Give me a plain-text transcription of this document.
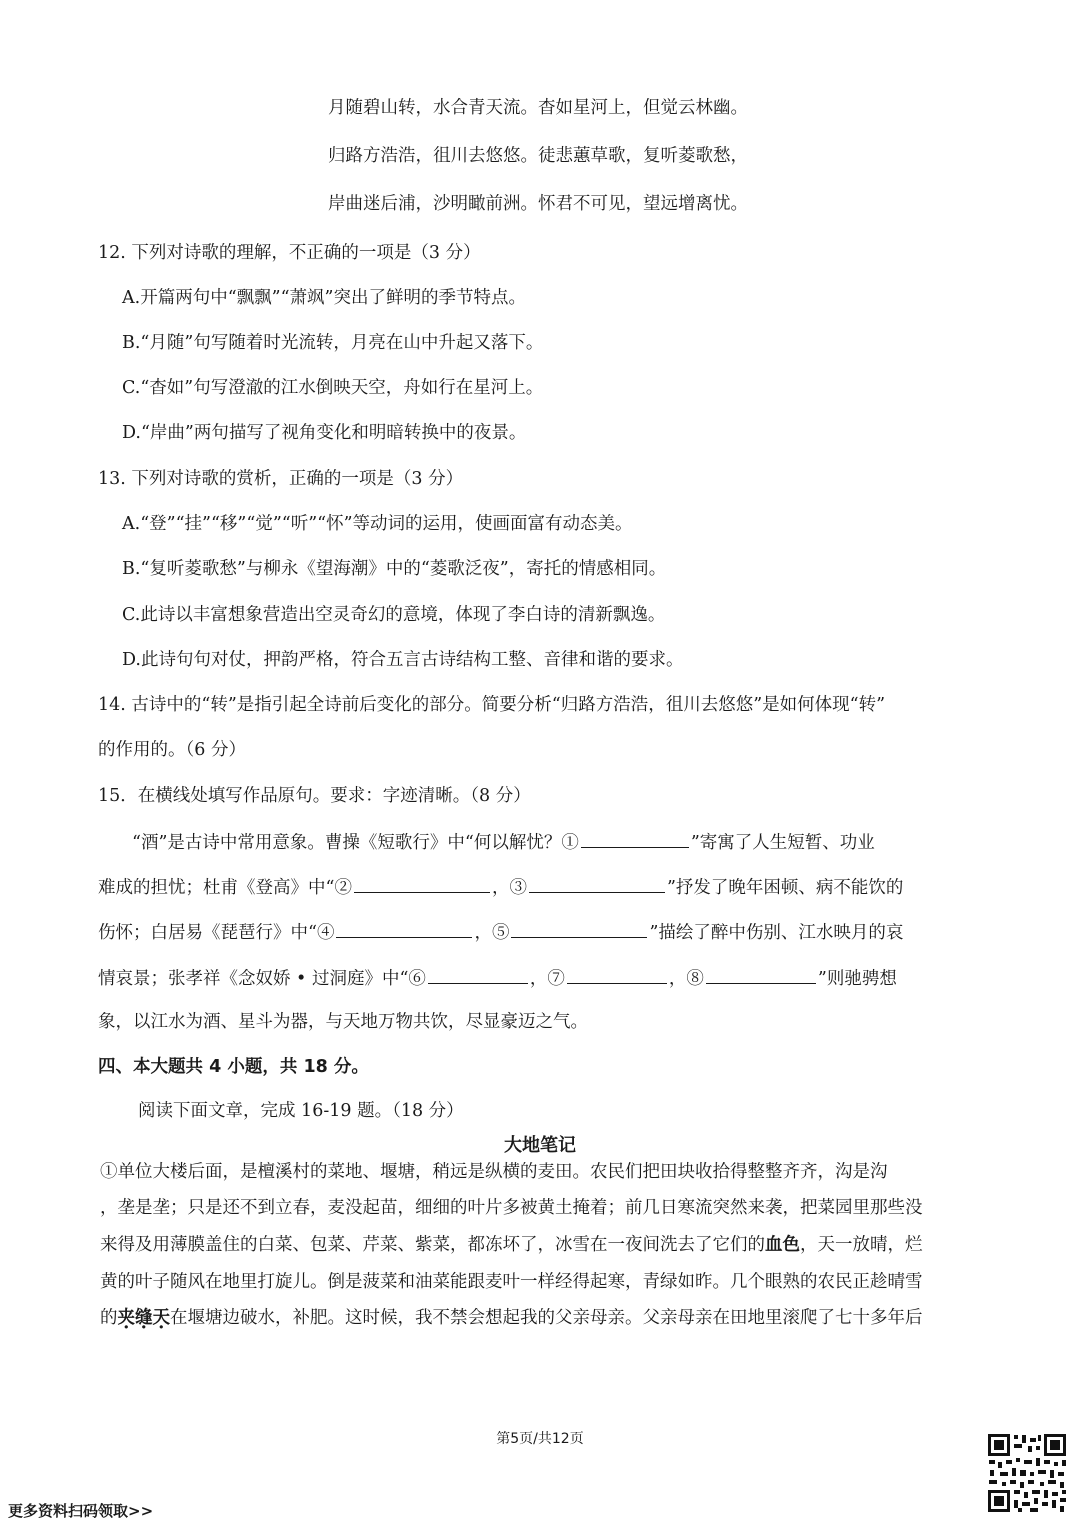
月随碧山转，水合青天流。杳如星河上，但觉云林幽。
归路方浩浩，徂川去悠悠。徒悲蕙草歌，复听菱歌愁，
岸曲迷后浦，沙明瞰前洲。怀君不可见，望远增离忧。
12. 下列对诗歌的理解，不正确的一项是（3 分）
A.开篇两句中“飘飘”“萧飒”突出了鲜明的季节特点。
B.“月随”句写随着时光流转，月亮在山中升起又落下。
C.“杳如”句写澄澈的江水倒映天空，舟如行在星河上。
D.“岸曲”两句描写了视角变化和明暗转换中的夜景。
13. 下列对诗歌的赏析，正确的一项是（3 分）
A.“登”“挂”“移”“觉”“听”“怀”等动词的运用，使画面富有动态美。
B.“复听菱歌愁”与柳永《望海潮》中的“菱歌泛夜”，寄托的情感相同。
C.此诗以丰富想象营造出空灵奇幻的意境，体现了李白诗的清新飘逸。
D.此诗句句对仗，押韵严格，符合五言古诗结构工整、音律和谐的要求。
14. 古诗中的“转”是指引起全诗前后变化的部分。简要分析“归路方浩浩，徂川去悠悠”是如何体现“转”
的作用的。（6 分）
15．在横线处填写作品原句。要求：字迹清晰。（8 分）
“酒”是古诗中常用意象。曹操《短歌行》中“何以解忧？①	”寄寓了人生短暂、功业
难成的担忧；杜甫《登高》中“②	，③	”抒发了晚年困顿、病不能饮的
伤怀；白居易《琵琶行》中“④	，⑤	”描绘了醉中伤别、江水映月的哀
情哀景；张孝祥《念奴娇 • 过洞庭》中“⑥	，⑦	，⑧	”则驰骋想
象，以江水为酒、星斗为器，与天地万物共饮，尽显豪迈之气。
四、本大题共 4 小题，共 18 分。
阅读下面文章，完成 16-19 题。（18 分）
大地笔记
①单位大楼后面，是檀溪村的菜地、堰塘，稍远是纵横的麦田。农民们把田块收拾得整整齐齐，沟是沟
，垄是垄；只是还不到立春，麦没起苗，细细的叶片多被黄土掩着；前几日寒流突然来袭，把菜园里那些没
来得及用薄膜盖住的白菜、包菜、芹菜、紫菜，都冻坏了，冰雪在一夜间洗去了它们的血色，天一放晴，烂
黄的叶子随风在地里打旋儿。倒是菠菜和油菜能跟麦叶一样经得起寒，青绿如昨。几个眼熟的农民正趁晴雪
的夹缝天在堰塘边破水，补肥。这时候，我不禁会想起我的父亲母亲。父亲母亲在田地里滚爬了七十多年后
第5页/共12页
更多资料扫码领取>>
